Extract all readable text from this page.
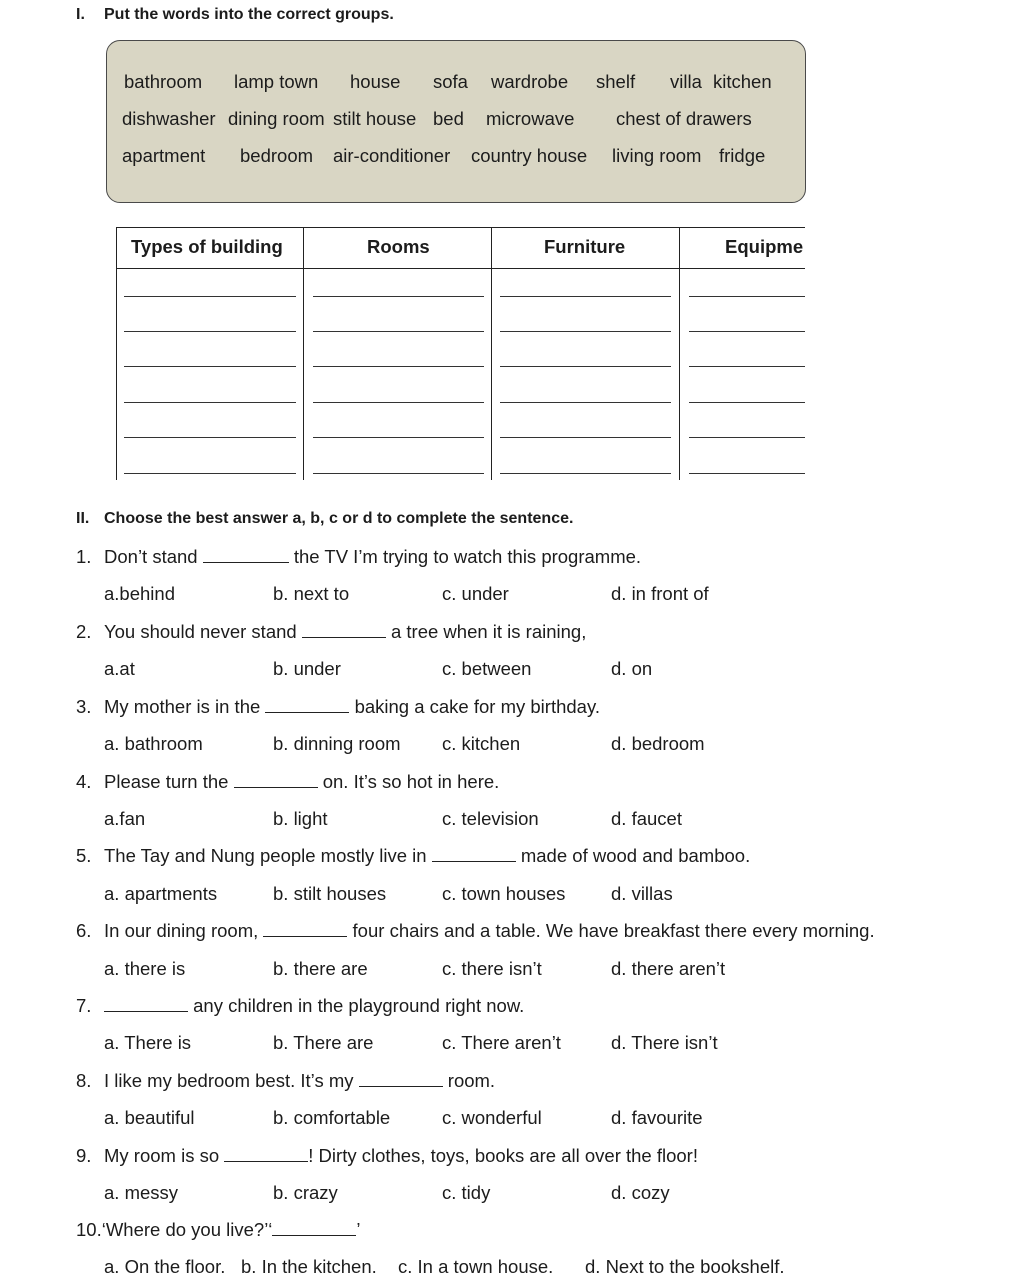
I. Put the words into the correct groups.
bathroom lamp town house sofa wardrobe shelf villa kitchen
dishwasher dining room stilt house bed microwave chest of drawers
apartment bedroom air-conditioner country house living room fridge
Types of building	Rooms	Furniture	Equipme
II. Choose the best answer a, b, c or d to complete the sentence.
1. Don’t stand	the TV I’m trying to watch this programme.
a.behind	b. next to	c. under	d. in front of
2. You should never stand	a tree when it is raining,
a.at	b. under	c. between	d. on
3. My mother is in the	baking a cake for my birthday.
a. bathroom	b. dinning room c. kitchen	d. bedroom
4. Please turn the	on. It’s so hot in here.
a.fan	b. light	c. television	d. faucet
5. The Tay and Nung people mostly live in	made of wood and bamboo.
a. apartments	b. stilt houses	c. town houses d. villas
6. In our dining room,	four chairs and a table. We have breakfast there every morning.
a. there is	b. there are	c. there isn’t	d. there aren’t
7.	any children in the playground right now.
a. There is	b. There are	c. There aren’t	d. There isn’t
8. I like my bedroom best. It’s my	room.
a. beautiful	b. comfortable	c. wonderful	d. favourite
9. My room is so	! Dirty clothes, toys, books are all over the floor!
a. messy	b. crazy	c. tidy	d. cozy
10.‘Where do you live?’‘	’
a. On the floor. b. In the kitchen. c. In a town house. d. Next to the bookshelf.
